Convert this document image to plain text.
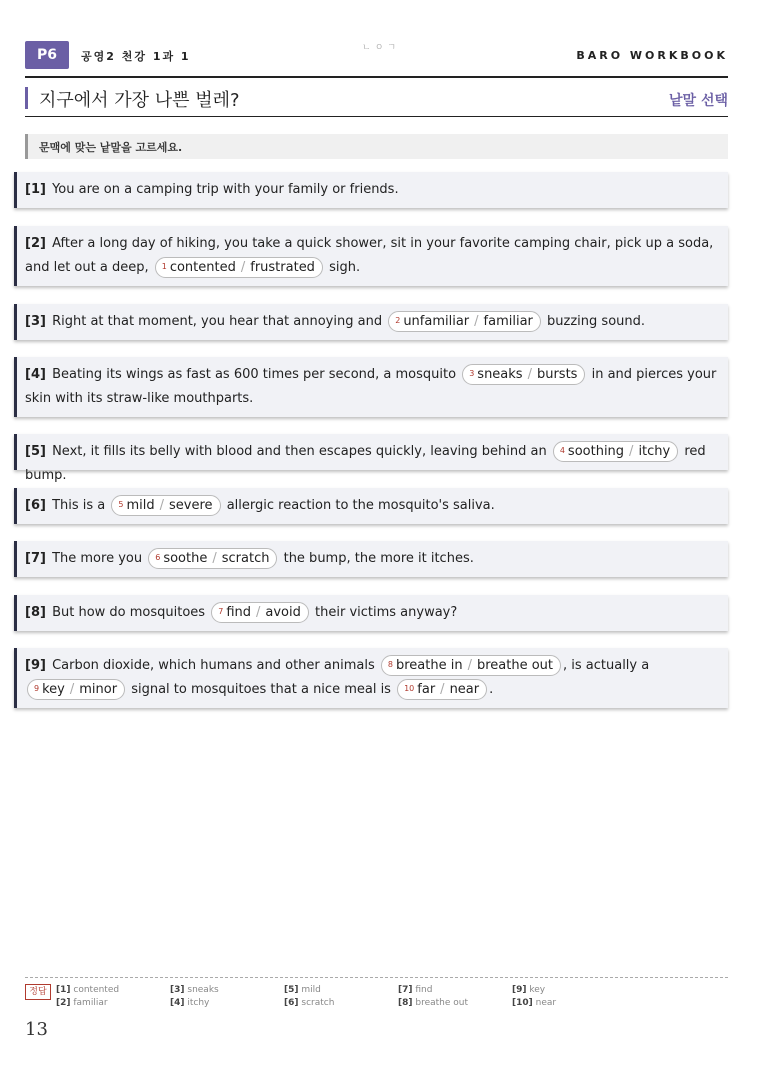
P6	공영2 천강 1과 1
ㄴㅇㄱ
BARO WORKBOOK
지구에서 가장 나쁜 벌레?	낱말 선택
문맥에 맞는 낱말을 고르세요.
[1] You are on a camping trip with your family or friends.
[2] After a long day of hiking, you take a quick shower, sit in your favorite camping chair, pick up a soda, and let out a deep, $^1$ contented / frustrated sigh.
[3] Right at that moment, you hear that annoying and $^2$ unfamiliar / familiar buzzing sound.
[4] Beating its wings as fast as 600 times per second, a mosquito $^3$ sneaks / bursts in and pierces your skin with its straw-like mouthparts.
[5] Next, it fills its belly with blood and then escapes quickly, leaving behind an $^4$ soothing / itchy red bump.
[6] This is a $^5$ mild / severe allergic reaction to the mosquito's saliva.
[7] The more you $^6$ soothe / scratch the bump, the more it itches.
[8] But how do mosquitoes $^7$ find / avoid their victims anyway?
[9] Carbon dioxide, which humans and other animals $^8$ breathe in / breathe out , is actually a $^9$ key / minor signal to mosquitoes that a nice meal is $^{10}$ far / near .
정답	[1] contented
[2] familiar
[3] sneaks
[4] itchy
[5] mild
[6] scratch
[7] find
[8] breathe out
[9] key
[10] near
13
